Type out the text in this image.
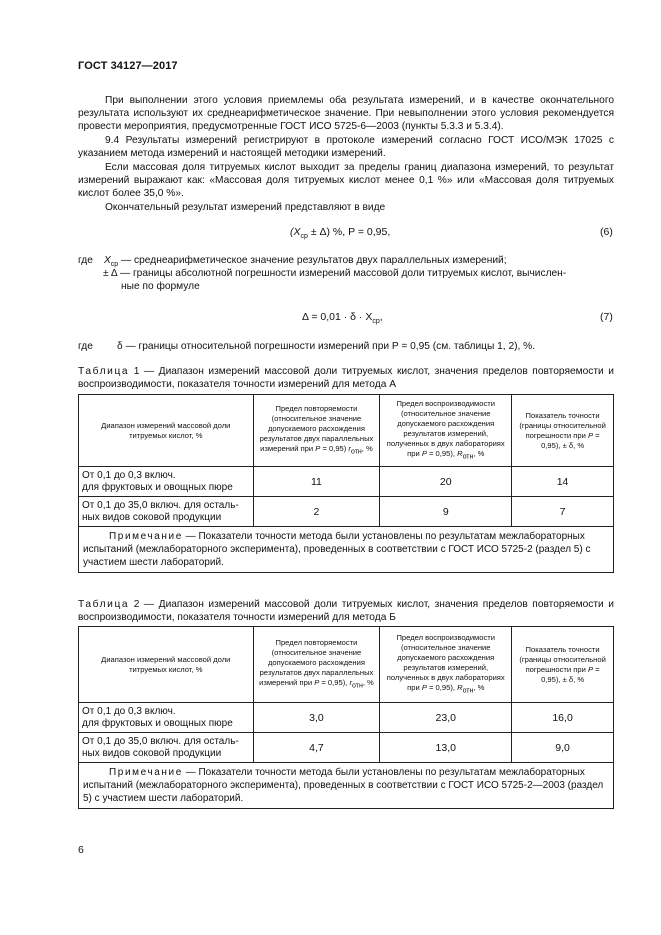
ГОСТ 34127—2017
При выполнении этого условия приемлемы оба результата измерений, и в качестве окончательного результата используют их среднеарифметическое значение. При невыполнении этого условия рекомендуется провести мероприятия, предусмотренные ГОСТ ИСО 5725-6—2003 (пункты 5.3.3 и 5.3.4).
9.4 Результаты измерений регистрируют в протоколе измерений согласно ГОСТ ИСО/МЭК 17025 с указанием метода измерений и настоящей методики измерений.
Если массовая доля титруемых кислот выходит за пределы границ диапазона измерений, то результат измерений выражают как: «Массовая доля титруемых кислот менее 0,1 %» или «Массовая доля титруемых кислот более 35,0 %».
Окончательный результат измерений представляют в виде
$(X_{ср} \pm \Delta)$ %, P = 0,95,	(6)
где $X_{ср}$ — среднеарифметическое значение результатов двух параллельных измерений;
± Δ — границы абсолютной погрешности измерений массовой доли титруемых кислот, вычислен-
ные по формуле
$\Delta = 0,01 \cdot \delta \cdot X_{ср}$,	(7)
где δ — границы относительной погрешности измерений при P = 0,95 (см. таблицы 1, 2), %.
Таблица 1 — Диапазон измерений массовой доли титруемых кислот, значения пределов повторяемости и воспроизводимости, показателя точности измерений для метода А
Диапазон измерений массовой доли титруемых кислот, %	Предел повторяемости (относительное значение допускаемого расхождения результатов двух параллельных измерений при P = 0,95) $r_{отн}$, %	Предел воспроизводимости (относительное значение допускаемого расхождения результатов измерений, полученных в двух лабораториях при P = 0,95), $R_{отн}$, %	Показатель точности (границы относительной погрешности при P = 0,95), ± δ, %

От 0,1 до 0,3 включ.
для фруктовых и овощных пюре	11	20	14

От 0,1 до 35,0 включ. для осталь-
ных видов соковой продукции	2	9	7
Примечание — Показатели точности метода были установлены по результатам межлабораторных испытаний (межлабораторного эксперимента), проведенных в соответствии с ГОСТ ИСО 5725-2 (раздел 5) с участием шести лабораторий.			
Таблица 2 — Диапазон измерений массовой доли титруемых кислот, значения пределов повторяемости и воспроизводимости, показателя точности измерений для метода Б
Диапазон измерений массовой доли титруемых кислот, %	Предел повторяемости (относительное значение допускаемого расхождения результатов двух параллельных измерений при P = 0,95), $r_{отн}$, %	Предел воспроизводимости (относительное значение допускаемого расхождения результатов измерений, полученных в двух лабораториях при P = 0,95), $R_{отн}$, %	Показатель точности (границы относительной погрешности при P = 0,95), ± δ, %

От 0,1 до 0,3 включ.
для фруктовых и овощных пюре	3,0	23,0	16,0

От 0,1 до 35,0 включ. для осталь-
ных видов соковой продукции	4,7	13,0	9,0
Примечание — Показатели точности метода были установлены по результатам межлабораторных испытаний (межлабораторного эксперимента), проведенных в соответствии с ГОСТ ИСО 5725-2—2003 (раздел 5) с участием шести лабораторий.			
6
